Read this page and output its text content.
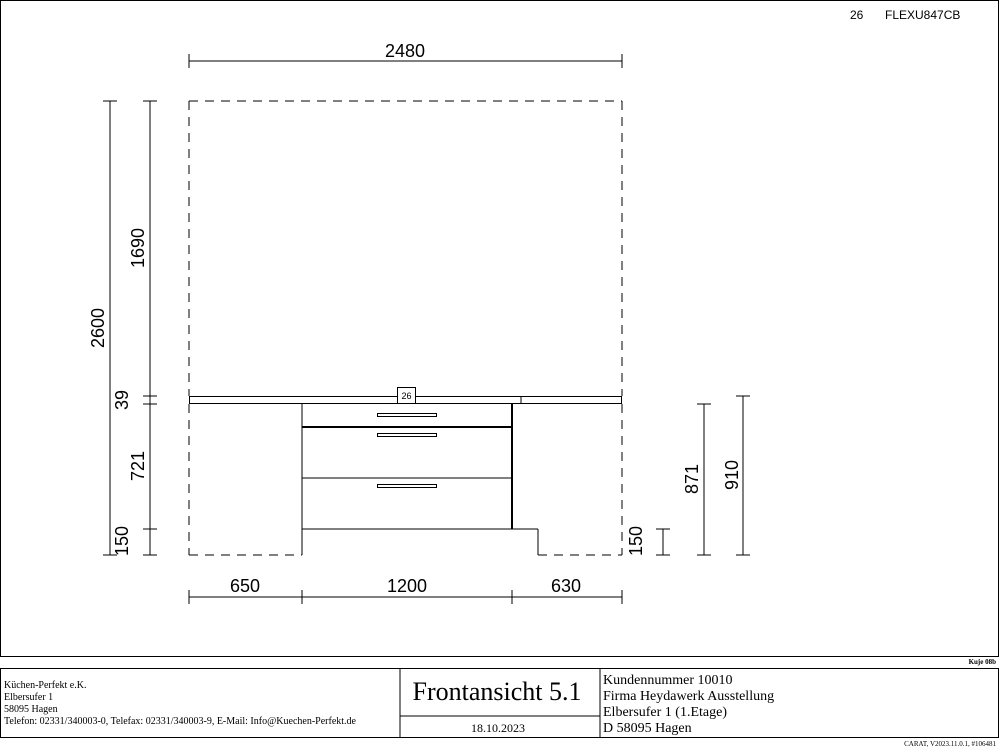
26 FLEXU847CB
26
2480
2600
1690
39
721
150
650	1200	630
150
871 910
Kuje 08b
Küchen-Perfekt e.K.
Elbersufer 1
58095 Hagen
Telefon: 02331/340003-0, Telefax: 02331/340003-9, E-Mail: Info@Kuechen-Perfekt.de
Frontansicht 5.1
18.10.2023
Kundennummer 10010
Firma Heydawerk Ausstellung
Elbersufer 1 (1.Etage)
D 58095 Hagen
CARAT, V2023.11.0.1, #106481
